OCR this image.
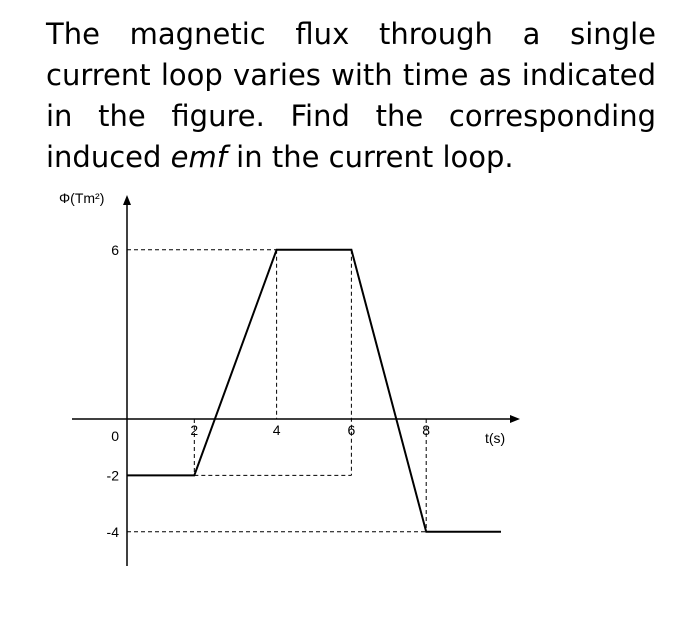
The magnetic flux through a single current loop varies with time as indicated in the figure. Find the corresponding induced emf in the current loop.

2	4	6	8
6
0
-2
-4
Φ(Tm²)
t(s)
